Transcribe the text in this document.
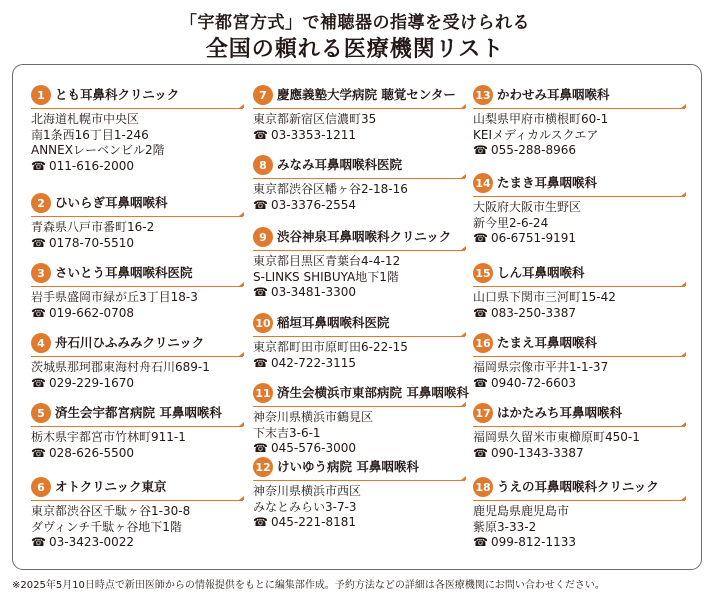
「宇都宮方式」で補聴器の指導を受けられる
全国の頼れる医療機関リスト
1 とも耳鼻科クリニック
北海道札幌市中央区
南1条西16丁目1-246
ANNEXレーベンビル2階
☎ 011-616-2000
2 ひいらぎ耳鼻咽喉科
青森県八戸市番町16-2
☎ 0178-70-5510
3 さいとう耳鼻咽喉科医院
岩手県盛岡市緑が丘3丁目18-3
☎ 019-662-0708
4 舟石川ひふみみクリニック
茨城県那珂郡東海村舟石川689-1
☎ 029-229-1670
5 済生会宇都宮病院 耳鼻咽喉科
栃木県宇都宮市竹林町911-1
☎ 028-626-5500
6 オトクリニック東京
東京都渋谷区千駄ヶ谷1-30-8
ダヴィンチ千駄ヶ谷地下1階
☎ 03-3423-0022
7 慶應義塾大学病院 聴覚センター
東京都新宿区信濃町35
☎ 03-3353-1211
8 みなみ耳鼻咽喉科医院
東京都渋谷区幡ヶ谷2-18-16
☎ 03-3376-2554
9 渋谷神泉耳鼻咽喉科クリニック
東京都目黒区青葉台4-4-12
S-LINKS SHIBUYA地下1階
☎ 03-3481-3300
10 稲垣耳鼻咽喉科医院
東京都町田市原町田6-22-15
☎ 042-722-3115
11 済生会横浜市東部病院 耳鼻咽喉科
神奈川県横浜市鶴見区
下末吉3-6-1
☎ 045-576-3000
12 けいゆう病院 耳鼻咽喉科
神奈川県横浜市西区
みなとみらい3-7-3
☎ 045-221-8181
13 かわせみ耳鼻咽喉科
山梨県甲府市横根町60-1
KEIメディカルスクエア
☎ 055-288-8966
14 たまき耳鼻咽喉科
大阪府大阪市生野区
新今里2-6-24
☎ 06-6751-9191
15 しん耳鼻咽喉科
山口県下関市三河町15-42
☎ 083-250-3387
16 たまえ耳鼻咽喉科
福岡県宗像市平井1-1-37
☎ 0940-72-6603
17 はかたみち耳鼻咽喉科
福岡県久留米市東櫛原町450-1
☎ 090-1343-3387
18 うえの耳鼻咽喉科クリニック
鹿児島県鹿児島市
紫原3-33-2
☎ 099-812-1133
※2025年5月10日時点で新田医師からの情報提供をもとに編集部作成。予約方法などの詳細は各医療機関にお問い合わせください。
